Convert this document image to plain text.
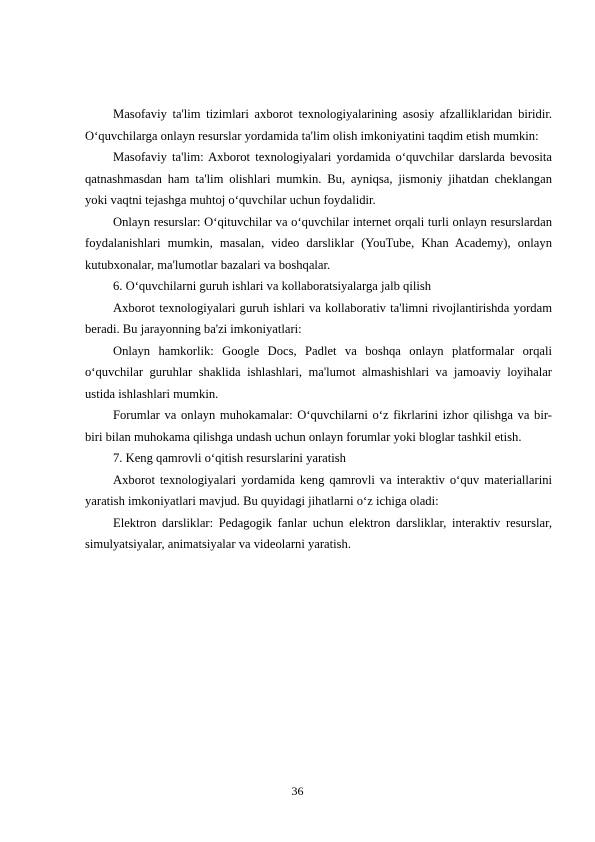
Masofaviy ta'lim tizimlari axborot texnologiyalarining asosiy afzalliklaridan biridir. O‘quvchilarga onlayn resurslar yordamida ta'lim olish imkoniyatini taqdim etish mumkin:

Masofaviy ta'lim: Axborot texnologiyalari yordamida o‘quvchilar darslarda bevosita qatnashmasdan ham ta'lim olishlari mumkin. Bu, ayniqsa, jismoniy jihatdan cheklangan yoki vaqtni tejashga muhtoj o‘quvchilar uchun foydalidir.

Onlayn resurslar: O‘qituvchilar va o‘quvchilar internet orqali turli onlayn resurslardan foydalanishlari mumkin, masalan, video darsliklar (YouTube, Khan Academy), onlayn kutubxonalar, ma'lumotlar bazalari va boshqalar.

6. O‘quvchilarni guruh ishlari va kollaboratsiyalarga jalb qilish

Axborot texnologiyalari guruh ishlari va kollaborativ ta'limni rivojlantirishda yordam beradi. Bu jarayonning ba'zi imkoniyatlari:

Onlayn hamkorlik: Google Docs, Padlet va boshqa onlayn platformalar orqali o‘quvchilar guruhlar shaklida ishlashlari, ma'lumot almashishlari va jamoaviy loyihalar ustida ishlashlari mumkin.

Forumlar va onlayn muhokamalar: O‘quvchilarni o‘z fikrlarini izhor qilishga va bir-biri bilan muhokama qilishga undash uchun onlayn forumlar yoki bloglar tashkil etish.

7. Keng qamrovli o‘qitish resurslarini yaratish

Axborot texnologiyalari yordamida keng qamrovli va interaktiv o‘quv materiallarini yaratish imkoniyatlari mavjud. Bu quyidagi jihatlarni o‘z ichiga oladi:

Elektron darsliklar: Pedagogik fanlar uchun elektron darsliklar, interaktiv resurslar, simulyatsiyalar, animatsiyalar va videolarni yaratish.

36
